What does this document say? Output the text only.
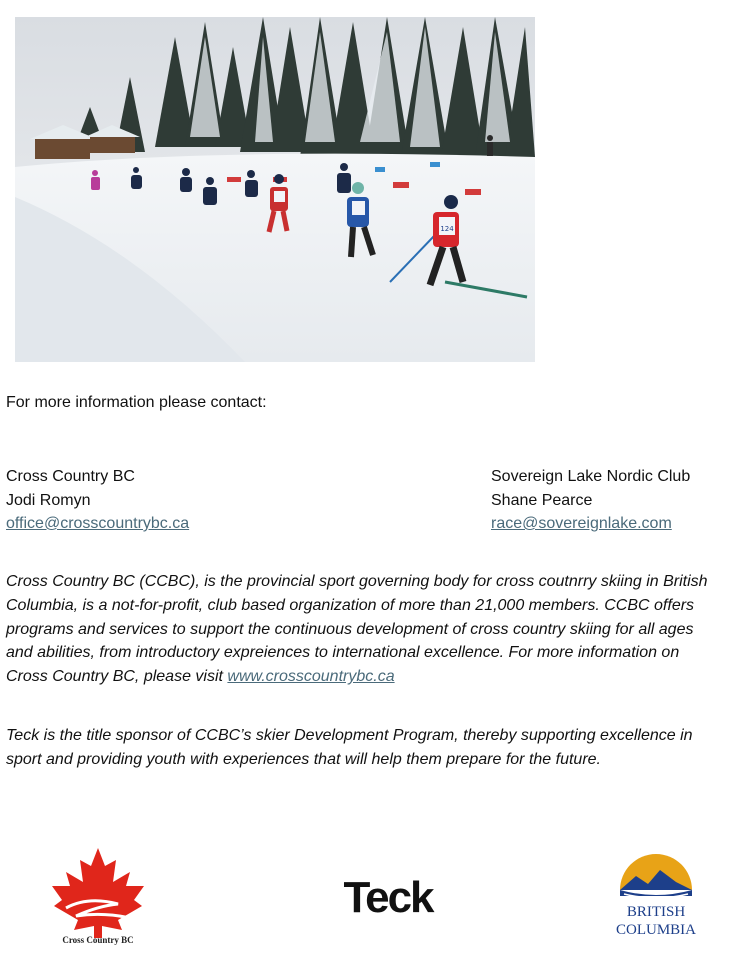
124
For more information please contact:
Cross Country BC
Jodi Romyn
office@crosscountrybc.ca
Sovereign Lake Nordic Club
Shane Pearce
race@sovereignlake.com

Cross Country BC (CCBC), is the provincial sport governing body for cross coutnrry skiing in British Columbia, is a not-for-profit, club based organization of more than 21,000 members. CCBC offers programs and services to support the continuous development of cross country skiing for all ages and abilities, from introductory expreiences to international excellence. For more information on Cross Country BC, please visit www.crosscountrybc.ca

Teck is the title sponsor of CCBC’s skier Development Program, thereby supporting excellence in sport and providing youth with experiences that will help them prepare for the future.

Cross Country BC
Teck	BRITISH
COLUMBIA
